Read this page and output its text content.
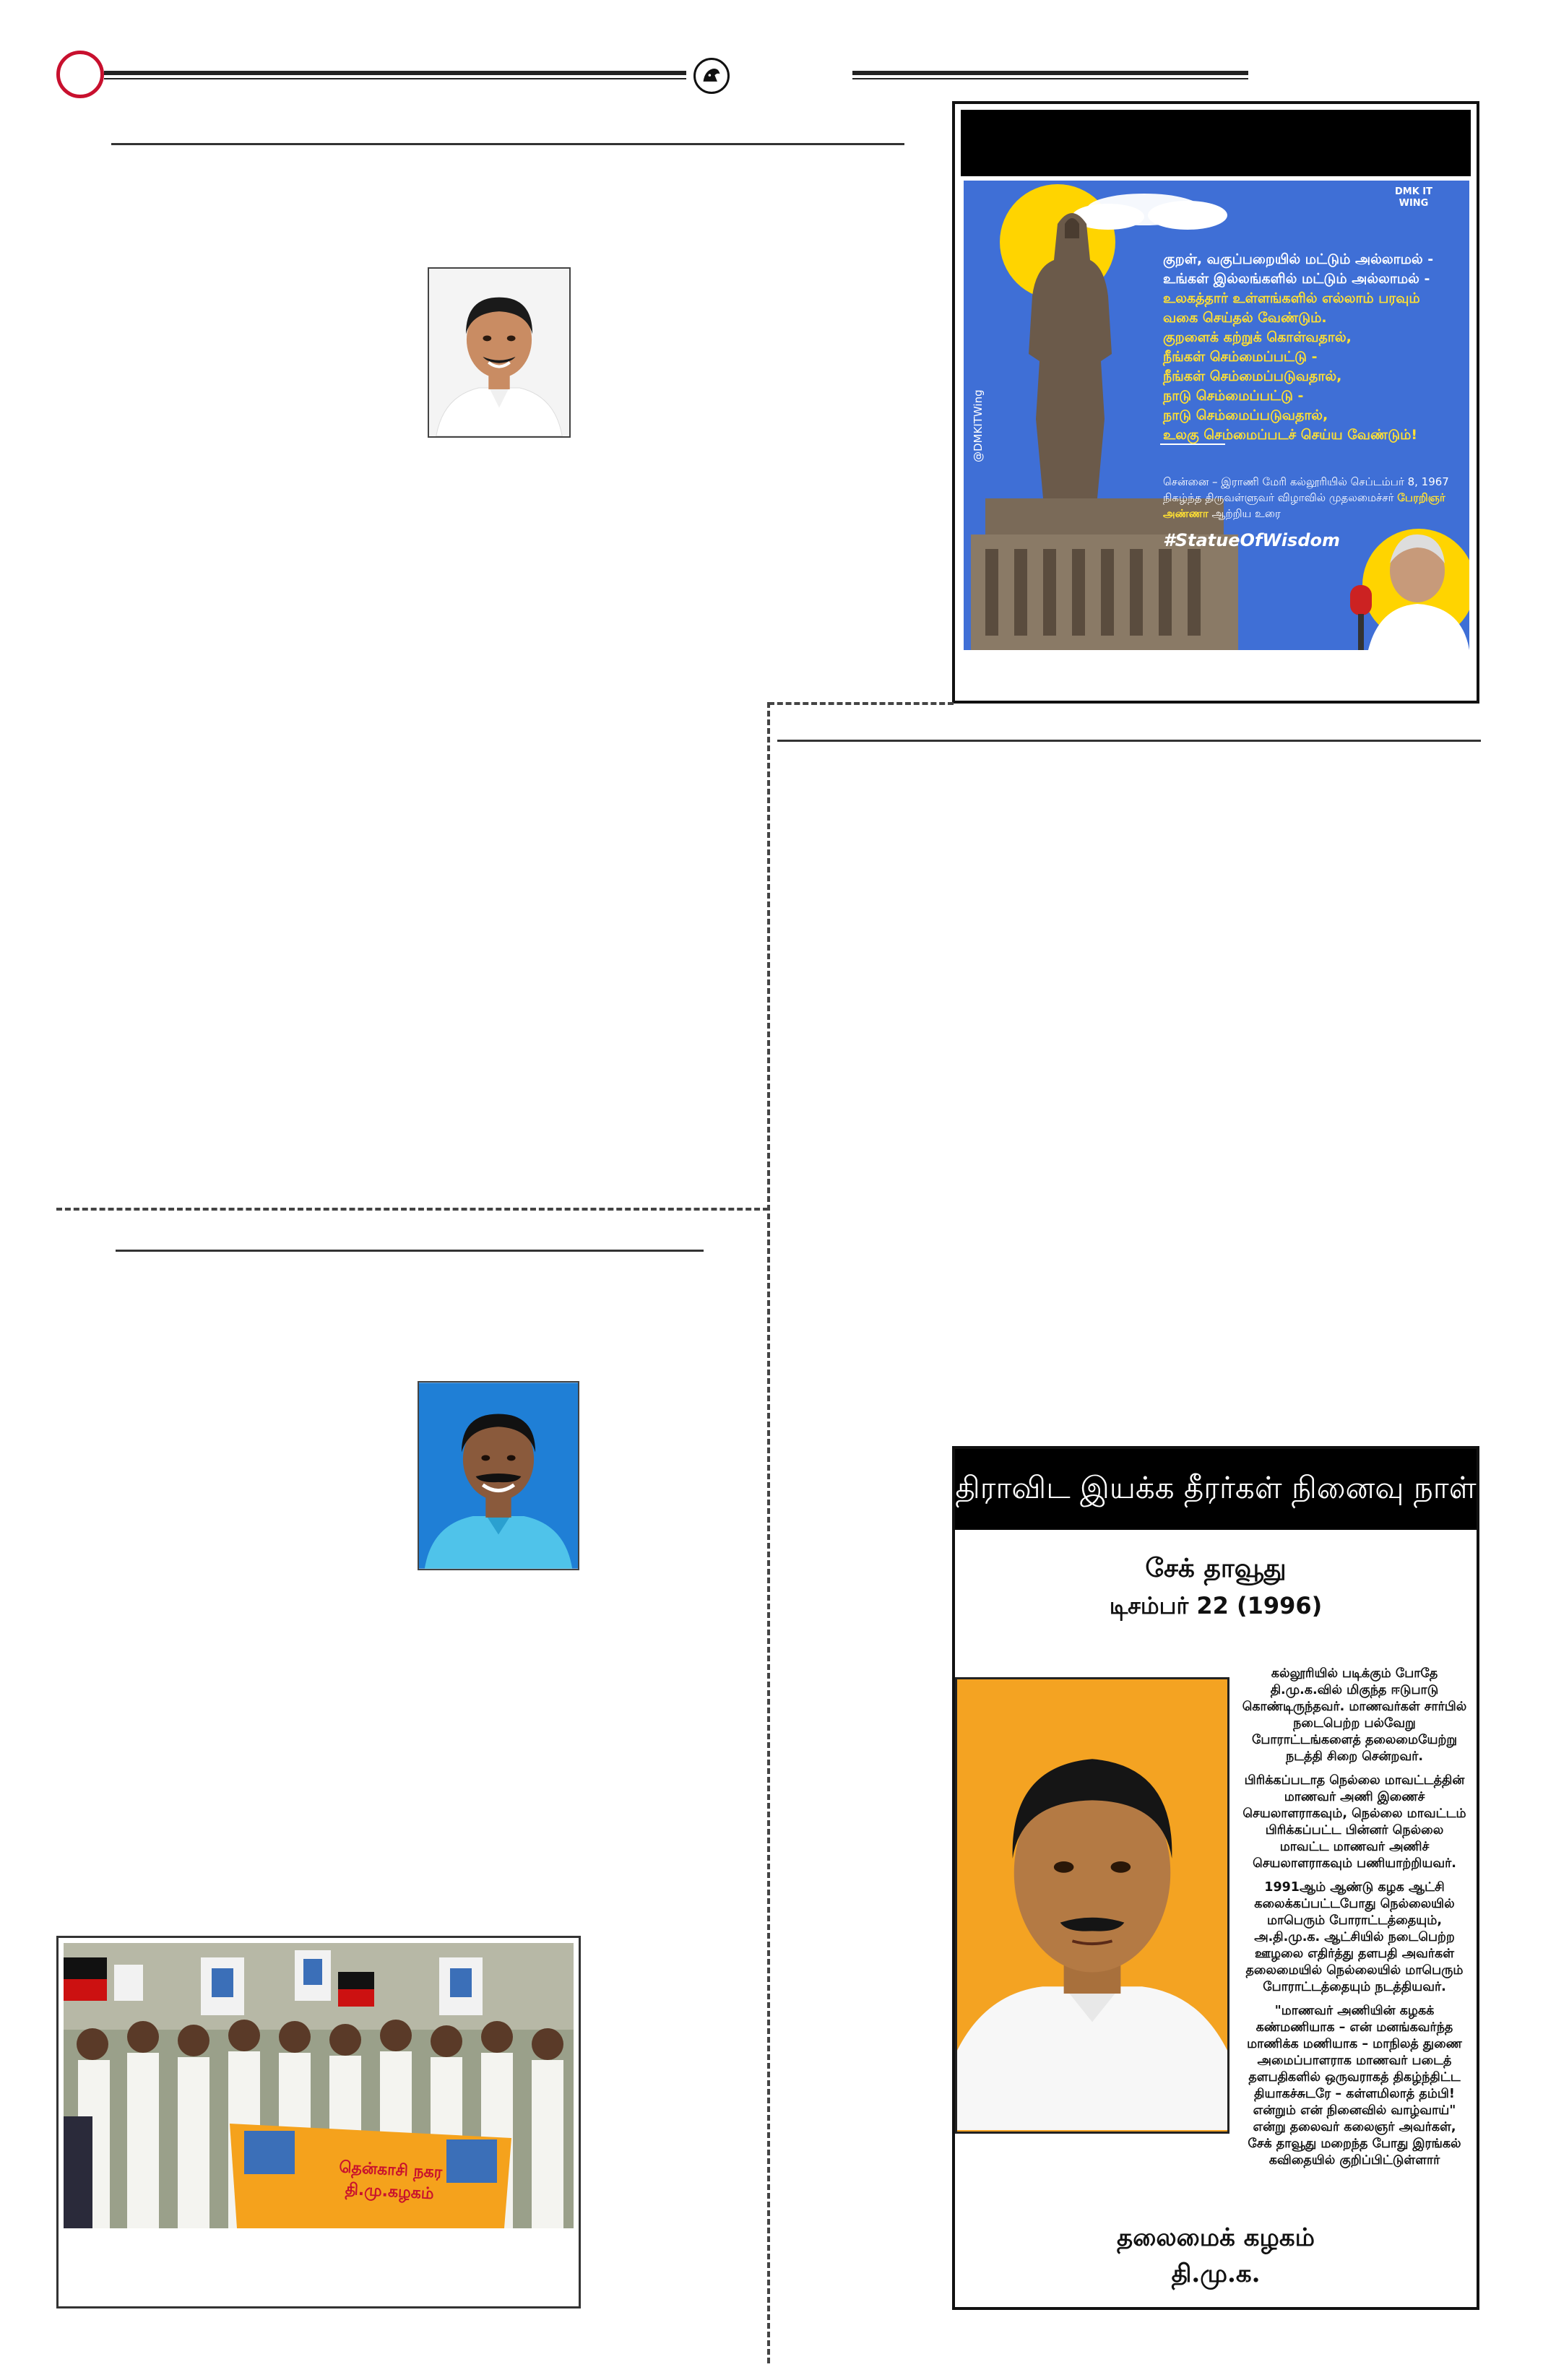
@DMKITWing
DMK IT WING
குறள், வகுப்பறையில் மட்டும் அல்லாமல் -
உங்கள் இல்லங்களில் மட்டும் அல்லாமல் -
உலகத்தார் உள்ளங்களில் எல்லாம் பரவும்
வகை செய்தல் வேண்டும்.
குறளைக் கற்றுக் கொள்வதால்,
நீங்கள் செம்மைப்பட்டு -
நீங்கள் செம்மைப்படுவதால்,
நாடு செம்மைப்பட்டு -
நாடு செம்மைப்படுவதால்,
உலகு செம்மைப்படச் செய்ய வேண்டும்!
சென்னை – இராணி மேரி கல்லூரியில் செப்டம்பர் 8, 1967 நிகழ்ந்த திருவள்ளுவர் விழாவில் முதலமைச்சர் பேரறிஞர் அண்ணா ஆற்றிய உரை
#StatueOfWisdom
தென்காசி நகர தி.மு.கழகம்
திராவிட இயக்க தீரர்கள் நினைவு நாள்
சேக் தாவூது
டிசம்பர் 22 (1996)

கல்லூரியில் படிக்கும் போதே தி.மு.க.வில் மிகுந்த ஈடுபாடு கொண்டிருந்தவர். மாணவர்கள் சார்பில் நடைபெற்ற பல்வேறு போராட்டங்களைத் தலைமையேற்று நடத்தி சிறை சென்றவர்.

பிரிக்கப்படாத நெல்லை மாவட்டத்தின் மாணவர் அணி இணைச் செயலாளராகவும், நெல்லை மாவட்டம் பிரிக்கப்பட்ட பின்னர் நெல்லை மாவட்ட மாணவர் அணிச் செயலாளராகவும் பணியாற்றியவர்.

1991ஆம் ஆண்டு கழக ஆட்சி கலைக்கப்பட்டபோது நெல்லையில் மாபெரும் போராட்டத்தையும், அ.தி.மு.க. ஆட்சியில் நடைபெற்ற ஊழலை எதிர்த்து தளபதி அவர்கள் தலைமையில் நெல்லையில் மாபெரும் போராட்டத்தையும் நடத்தியவர்.

"மாணவர் அணியின் கழகக் கண்மணியாக – என் மனங்கவர்ந்த மாணிக்க மணியாக – மாநிலத் துணை அமைப்பாளராக மாணவர் படைத் தளபதிகளில் ஒருவராகத் திகழ்ந்திட்ட தியாகச்சுடரே – கள்ளமிலாத் தம்பி! என்றும் என் நினைவில் வாழ்வாய்" என்று தலைவர் கலைஞர் அவர்கள், சேக் தாவூது மறைந்த போது இரங்கல் கவிதையில் குறிப்பிட்டுள்ளார்

தலைமைக் கழகம்
தி.மு.க.
